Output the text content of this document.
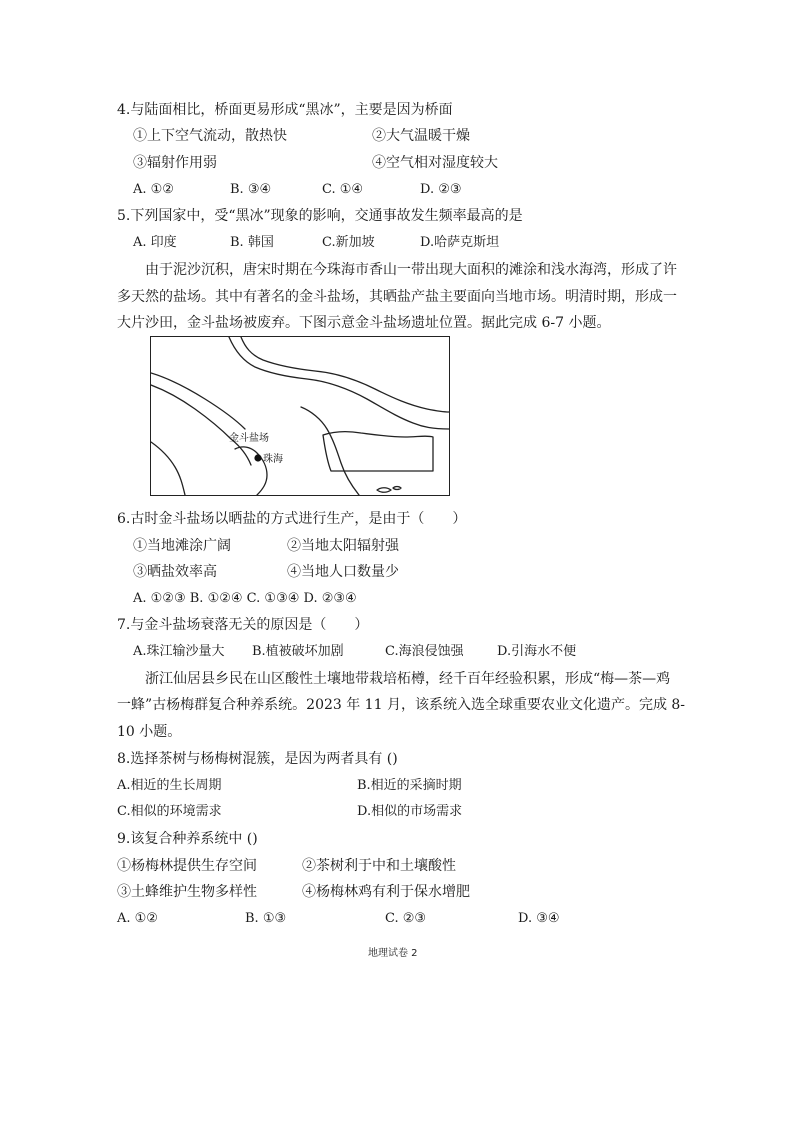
4.与陆面相比，桥面更易形成“黑冰”，主要是因为桥面
①上下空气流动，散热快	②大气温暖干燥
③辐射作用弱	④空气相对湿度较大
A. ①②	B. ③④	C. ①④	D. ②③
5.下列国家中，受“黑冰”现象的影响，交通事故发生频率最高的是
A. 印度	B. 韩国	C.新加坡	D.哈萨克斯坦
由于泥沙沉积，唐宋时期在今珠海市香山一带出现大面积的滩涂和浅水海湾，形成了许
多天然的盐场。其中有著名的金斗盐场，其晒盐产盐主要面向当地市场。明清时期，形成一
大片沙田，金斗盐场被废弃。下图示意金斗盐场遗址位置。据此完成 6-7 小题。
金斗盐场
珠海
6.古时金斗盐场以晒盐的方式进行生产，是由于（　　）
①当地滩涂广阔	②当地太阳辐射强
③晒盐效率高	④当地人口数量少
A. ①②③ B. ①②④ C. ①③④ D. ②③④
7.与金斗盐场衰落无关的原因是（　　）
A.珠江输沙量大 B.植被破坏加剧	C.海浪侵蚀强	D.引海水不便
浙江仙居县乡民在山区酸性土壤地带栽培柘樽，经千百年经验积累，形成“梅—茶—鸡
一蜂”古杨梅群复合种养系统。2023 年 11 月，该系统入选全球重要农业文化遗产。完成 8-
10 小题。
8.选择茶树与杨梅树混簇，是因为两者具有 ()
A.相近的生长周期	B.相近的采摘时期
C.相似的环境需求	D.相似的市场需求
9.该复合种养系统中 ()
①杨梅林提供生存空间	②茶树利于中和土壤酸性
③土蜂维护生物多样性	④杨梅林鸡有利于保水增肥
A. ①②	B. ①③	C. ②③	D. ③④
地理试卷 2
